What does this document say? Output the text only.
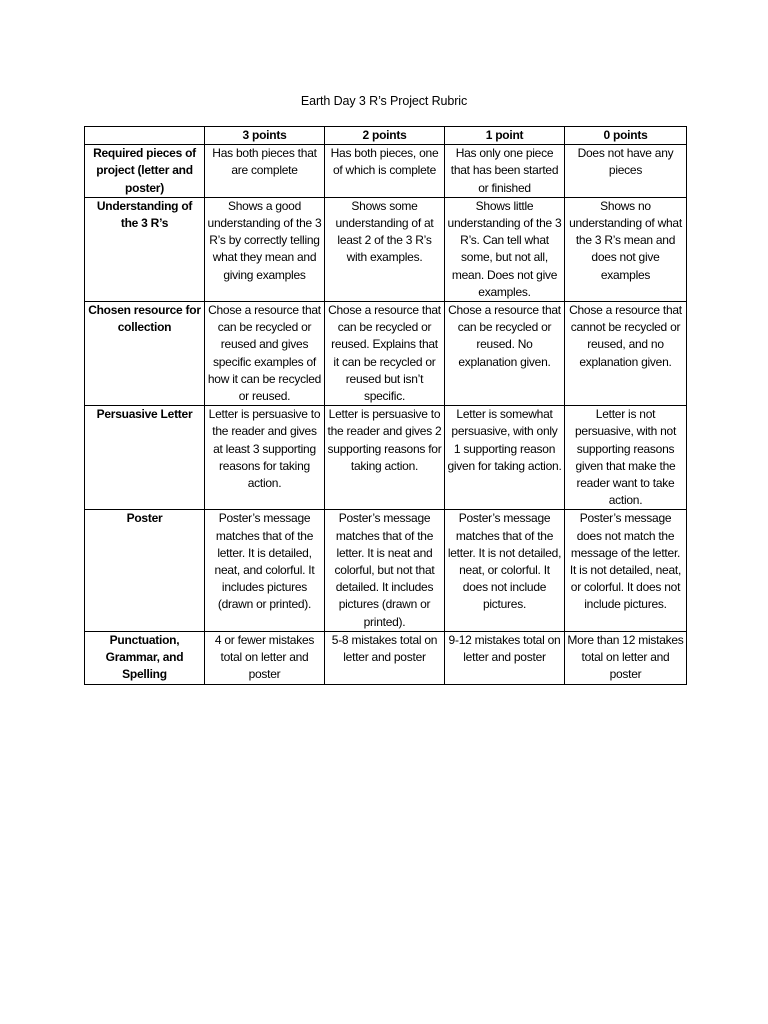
Earth Day 3 R’s Project Rubric
	3 points	2 points	1 point	0 points
Required pieces of project (letter and poster)	Has both pieces that are complete	Has both pieces, one of which is complete	Has only one piece that has been started or finished	Does not have any pieces
Understanding of the 3 R’s	Shows a good understanding of the 3 R’s by correctly telling what they mean and giving examples	Shows some understanding of at least 2 of the 3 R’s with examples.	Shows little understanding of the 3 R’s. Can tell what some, but not all, mean. Does not give examples.	Shows no understanding of what the 3 R’s mean and does not give examples
Chosen resource for collection	Chose a resource that can be recycled or reused and gives specific examples of how it can be recycled or reused.	Chose a resource that can be recycled or reused. Explains that it can be recycled or reused but isn’t specific.	Chose a resource that can be recycled or reused. No explanation given.	Chose a resource that cannot be recycled or reused, and no explanation given.
Persuasive Letter	Letter is persuasive to the reader and gives at least 3 supporting reasons for taking action.	Letter is persuasive to the reader and gives 2 supporting reasons for taking action.	Letter is somewhat persuasive, with only 1 supporting reason given for taking action.	Letter is not persuasive, with not supporting reasons given that make the reader want to take action.
Poster	Poster’s message matches that of the letter. It is detailed, neat, and colorful. It includes pictures (drawn or printed).	Poster’s message matches that of the letter. It is neat and colorful, but not that detailed. It includes pictures (drawn or printed).	Poster’s message matches that of the letter. It is not detailed, neat, or colorful. It does not include pictures.	Poster’s message does not match the message of the letter. It is not detailed, neat, or colorful. It does not include pictures.
Punctuation, Grammar, and Spelling	4 or fewer mistakes total on letter and poster	5-8 mistakes total on letter and poster	9-12 mistakes total on letter and poster	More than 12 mistakes total on letter and poster
